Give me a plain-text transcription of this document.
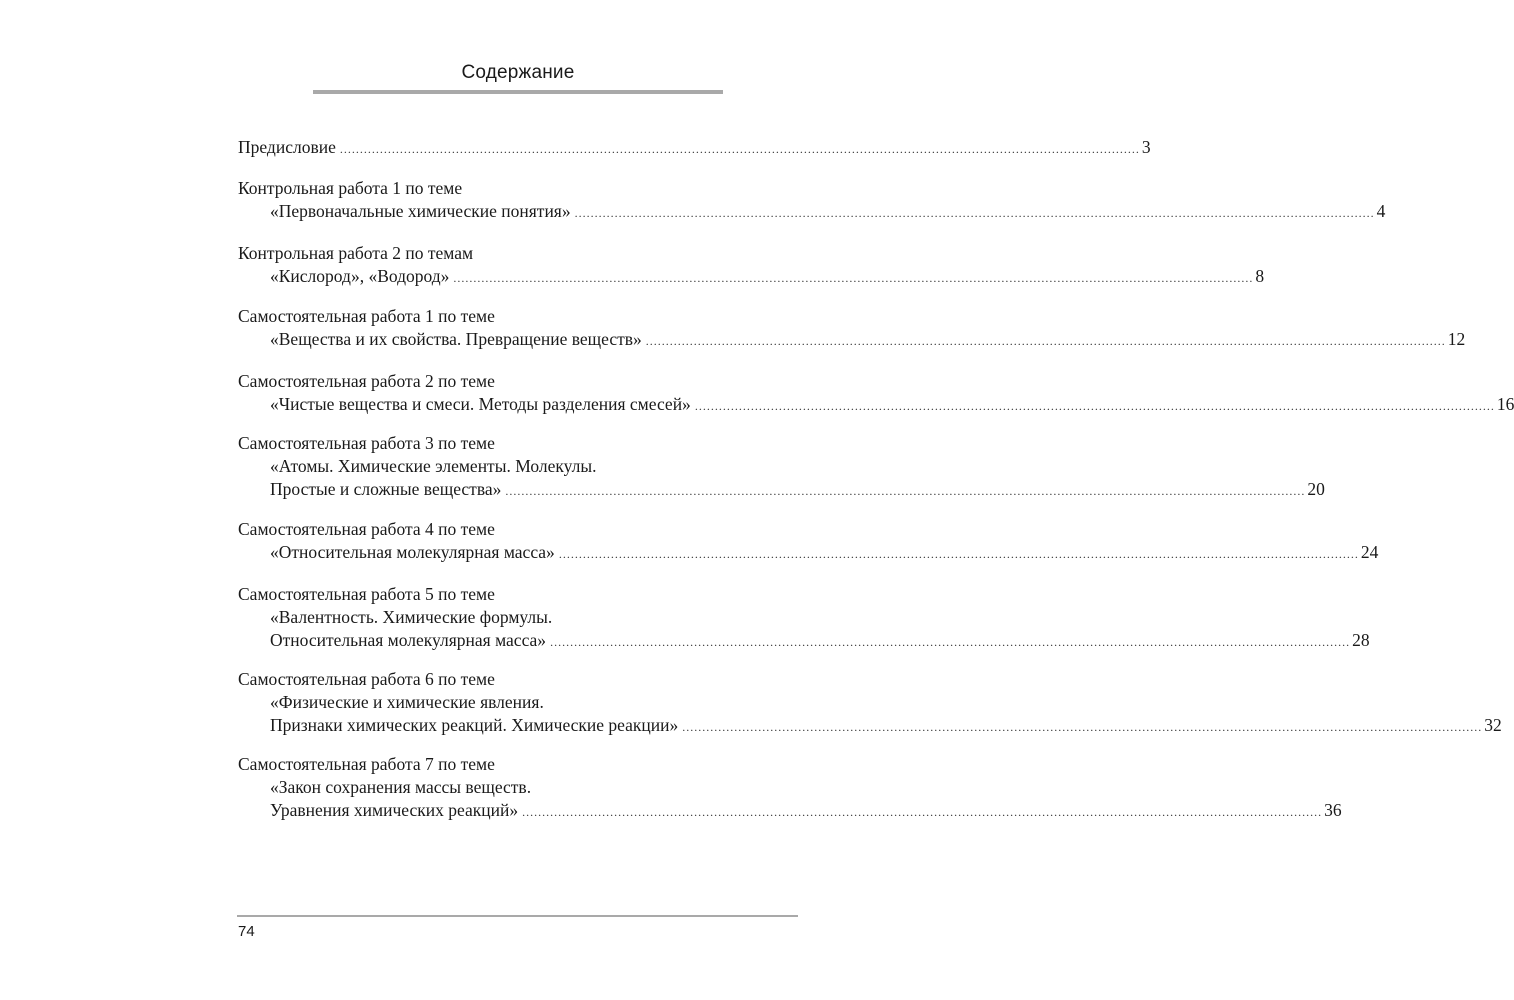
Содержание
Предисловие ........................................................................................................................................................................................................ 3
Контрольная работа 1 по теме
«Первоначальные химические понятия» ........................................................................................................................................................................................................ 4
Контрольная работа 2 по темам
«Кислород», «Водород» ........................................................................................................................................................................................................ 8
Самостоятельная работа 1 по теме
«Вещества и их свойства. Превращение веществ» ........................................................................................................................................................................................................ 12
Самостоятельная работа 2 по теме
«Чистые вещества и смеси. Методы разделения смесей» ........................................................................................................................................................................................................ 16
Самостоятельная работа 3 по теме
«Атомы. Химические элементы. Молекулы.
Простые и сложные вещества» ........................................................................................................................................................................................................ 20
Самостоятельная работа 4 по теме
«Относительная молекулярная масса» ........................................................................................................................................................................................................ 24
Самостоятельная работа 5 по теме
«Валентность. Химические формулы.
Относительная молекулярная масса» ........................................................................................................................................................................................................ 28
Самостоятельная работа 6 по теме
«Физические и химические явления.
Признаки химических реакций. Химические реакции» ........................................................................................................................................................................................................ 32
Самостоятельная работа 7 по теме
«Закон сохранения массы веществ.
Уравнения химических реакций» ........................................................................................................................................................................................................ 36
74
